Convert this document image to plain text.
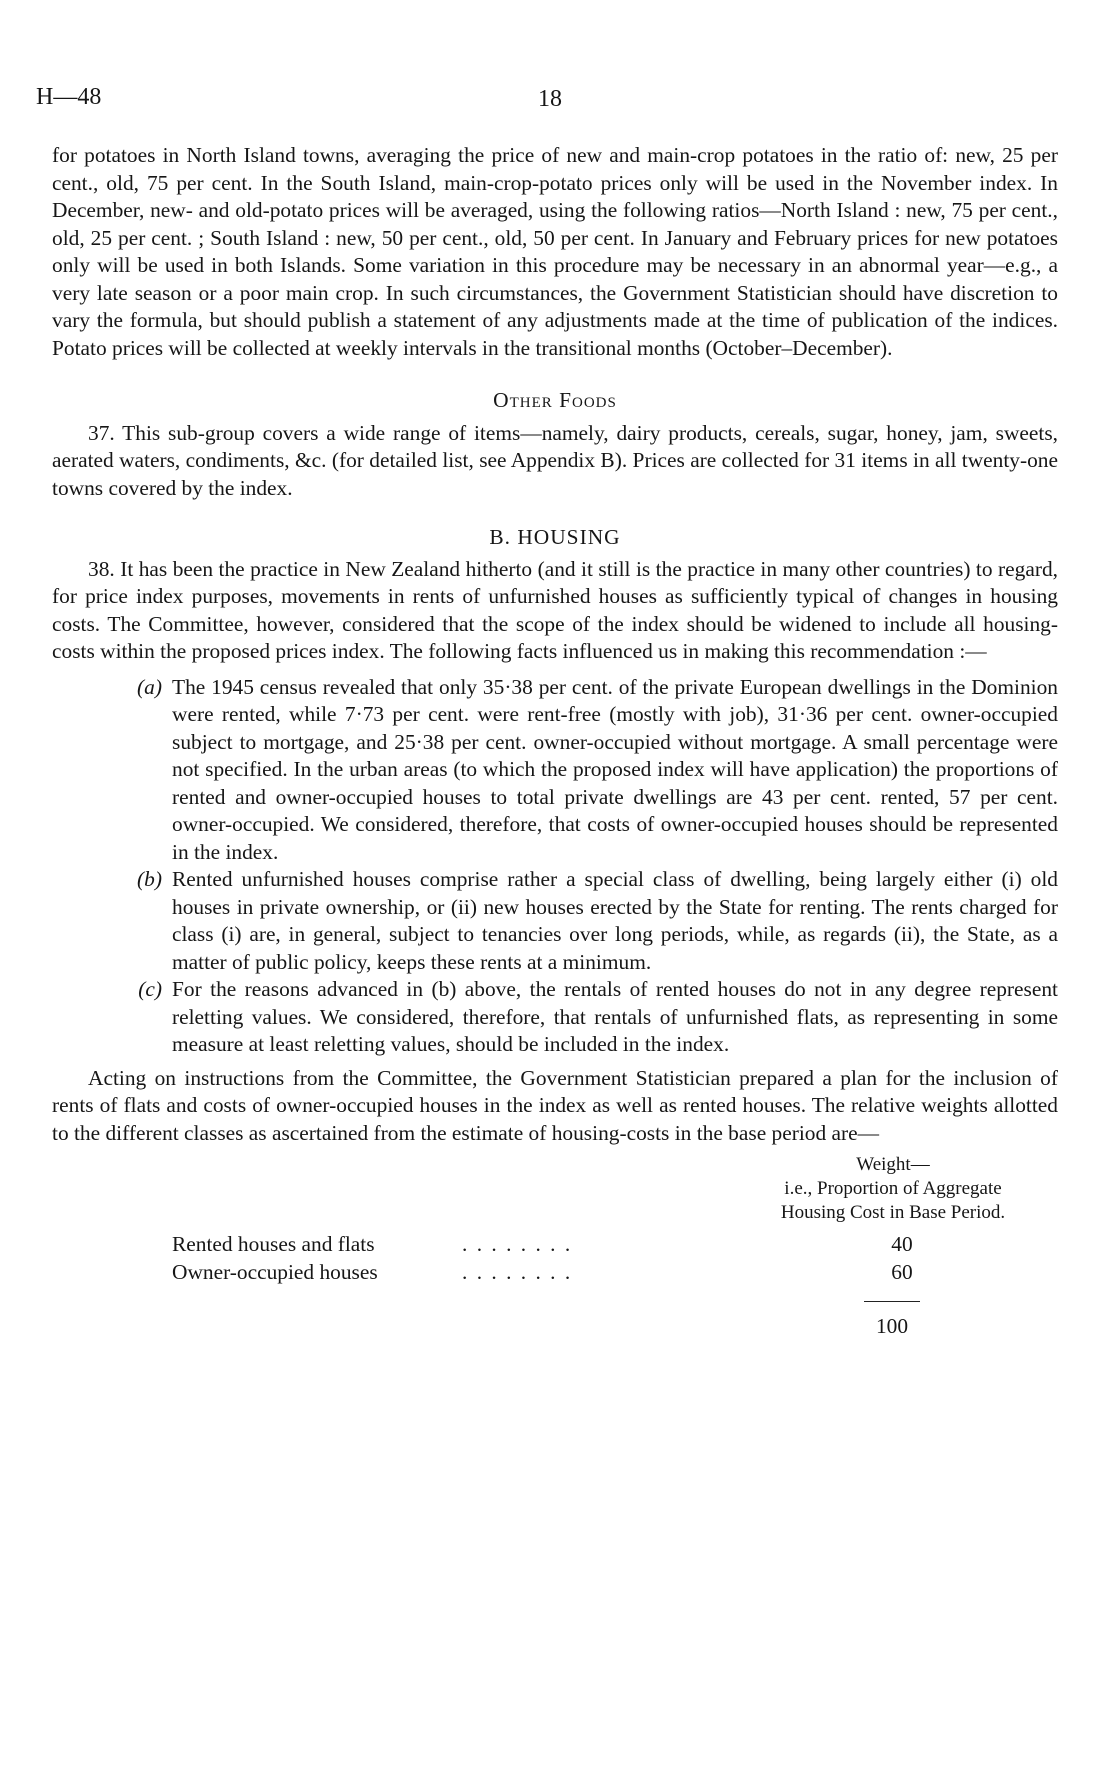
H—48	18

for potatoes in North Island towns, averaging the price of new and main-crop potatoes in the ratio of: new, 25 per cent., old, 75 per cent. In the South Island, main-crop-potato prices only will be used in the November index. In December, new- and old-potato prices will be averaged, using the following ratios—North Island : new, 75 per cent., old, 25 per cent. ; South Island : new, 50 per cent., old, 50 per cent. In January and February prices for new potatoes only will be used in both Islands. Some variation in this procedure may be necessary in an abnormal year—e.g., a very late season or a poor main crop. In such circumstances, the Government Statistician should have discretion to vary the formula, but should publish a statement of any adjustments made at the time of publication of the indices. Potato prices will be collected at weekly intervals in the transitional months (October–December).

Other Foods

37. This sub-group covers a wide range of items—namely, dairy products, cereals, sugar, honey, jam, sweets, aerated waters, condiments, &c. (for detailed list, see Appendix B). Prices are collected for 31 items in all twenty-one towns covered by the index.

B. HOUSING

38. It has been the practice in New Zealand hitherto (and it still is the practice in many other countries) to regard, for price index purposes, movements in rents of unfurnished houses as sufficiently typical of changes in housing costs. The Committee, however, considered that the scope of the index should be widened to include all housing-costs within the proposed prices index. The following facts influenced us in making this recommendation :—

(a) The 1945 census revealed that only 35·38 per cent. of the private European dwellings in the Dominion were rented, while 7·73 per cent. were rent-free (mostly with job), 31·36 per cent. owner-occupied subject to mortgage, and 25·38 per cent. owner-occupied without mortgage. A small percentage were not specified. In the urban areas (to which the proposed index will have application) the proportions of rented and owner-occupied houses to total private dwellings are 43 per cent. rented, 57 per cent. owner-occupied. We considered, therefore, that costs of owner-occupied houses should be represented in the index.
(b) Rented unfurnished houses comprise rather a special class of dwelling, being largely either (i) old houses in private ownership, or (ii) new houses erected by the State for renting. The rents charged for class (i) are, in general, subject to tenancies over long periods, while, as regards (ii), the State, as a matter of public policy, keeps these rents at a minimum.
(c) For the reasons advanced in (b) above, the rentals of rented houses do not in any degree represent reletting values. We considered, therefore, that rentals of unfurnished flats, as representing in some measure at least reletting values, should be included in the index.

Acting on instructions from the Committee, the Government Statistician prepared a plan for the inclusion of rents of flats and costs of owner-occupied houses in the index as well as rented houses. The relative weights allotted to the different classes as ascertained from the estimate of housing-costs in the base period are—

Weight—
i.e., Proportion of Aggregate
Housing Cost in Base Period.
Rented houses and flats	. . . . . . . .	40
Owner-occupied houses	. . . . . . . .	60
100
